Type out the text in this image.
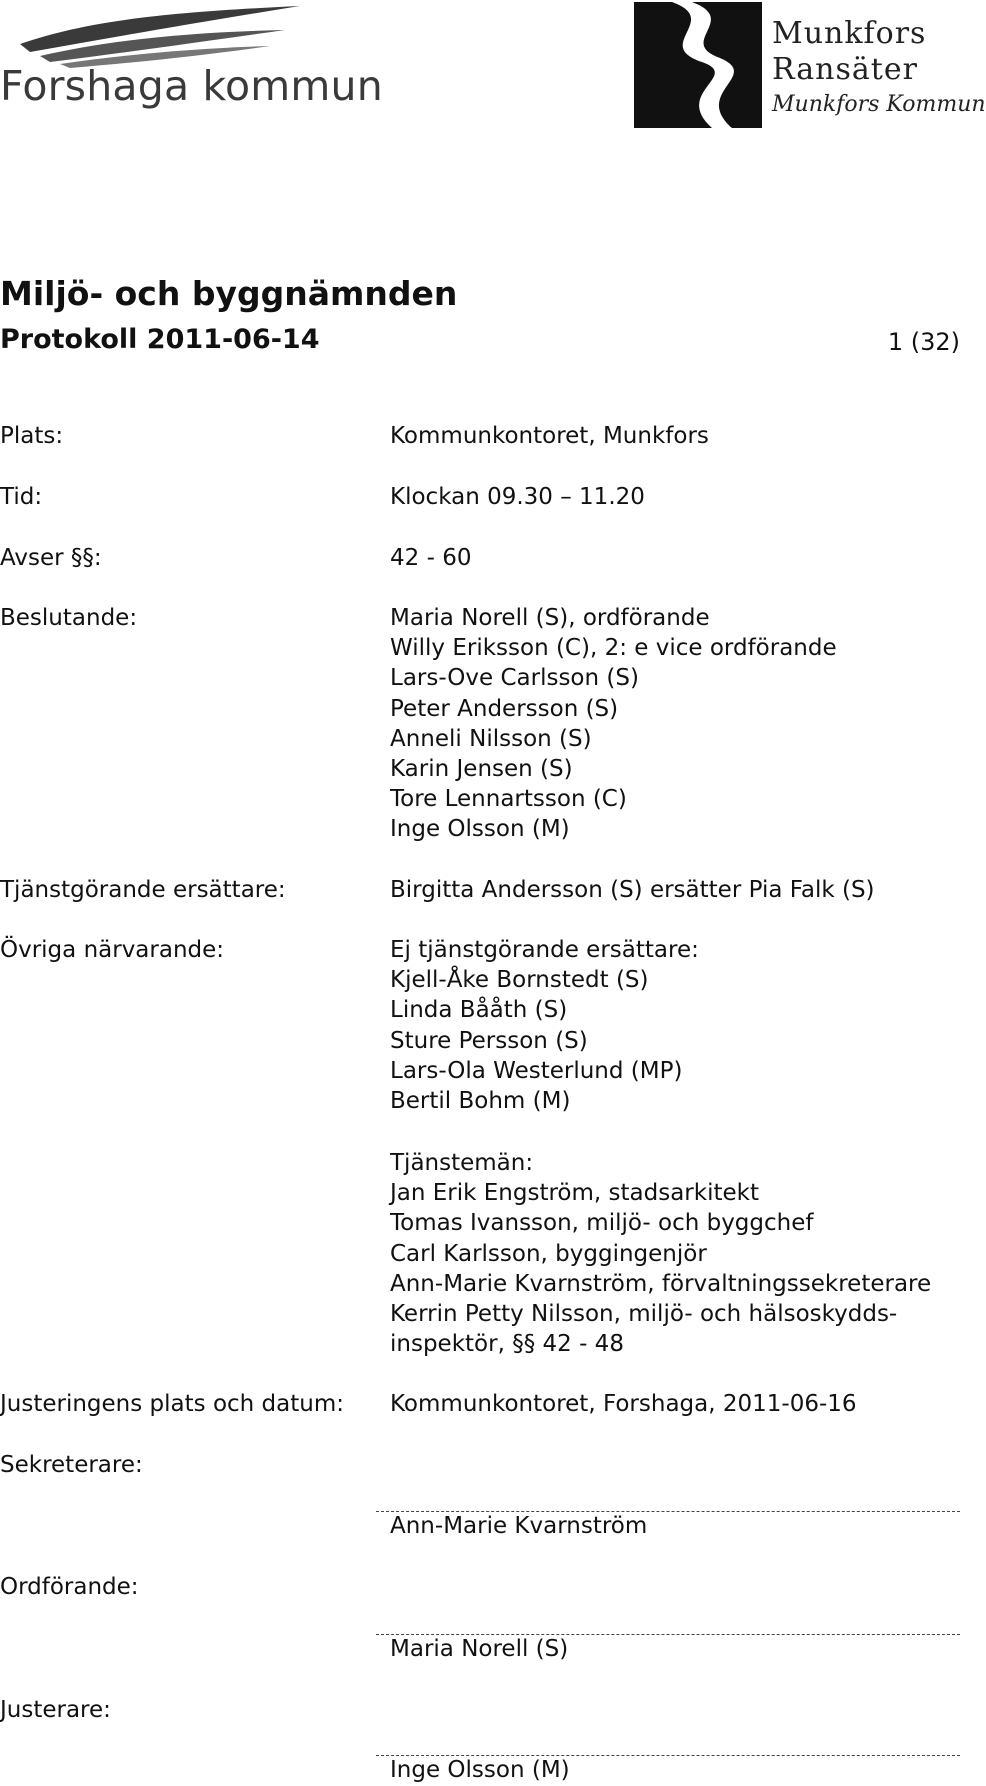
Forshaga kommun
Munkfors
Ransäter
Munkfors Kommun
Miljö- och byggnämnden
Protokoll 2011-06-14	1 (32)
Plats:	Kommunkontoret, Munkfors
Tid:	Klockan 09.30 – 11.20
Avser §§:	42 - 60
Beslutande:	Maria Norell (S), ordförande
Willy Eriksson (C), 2: e vice ordförande
Lars-Ove Carlsson (S)
Peter Andersson (S)
Anneli Nilsson (S)
Karin Jensen (S)
Tore Lennartsson (C)
Inge Olsson (M)
Tjänstgörande ersättare:	Birgitta Andersson (S) ersätter Pia Falk (S)
Övriga närvarande:	Ej tjänstgörande ersättare:
Kjell-Åke Bornstedt (S)
Linda Bååth (S)
Sture Persson (S)
Lars-Ola Westerlund (MP)
Bertil Bohm (M)
Tjänstemän:
Jan Erik Engström, stadsarkitekt
Tomas Ivansson, miljö- och byggchef
Carl Karlsson, byggingenjör
Ann-Marie Kvarnström, förvaltningssekreterare
Kerrin Petty Nilsson, miljö- och hälsoskydds-
inspektör, §§ 42 - 48
Justeringens plats och datum: Kommunkontoret, Forshaga, 2011-06-16
Sekreterare:
Ann-Marie Kvarnström
Ordförande:
Maria Norell (S)
Justerare:
Inge Olsson (M)
